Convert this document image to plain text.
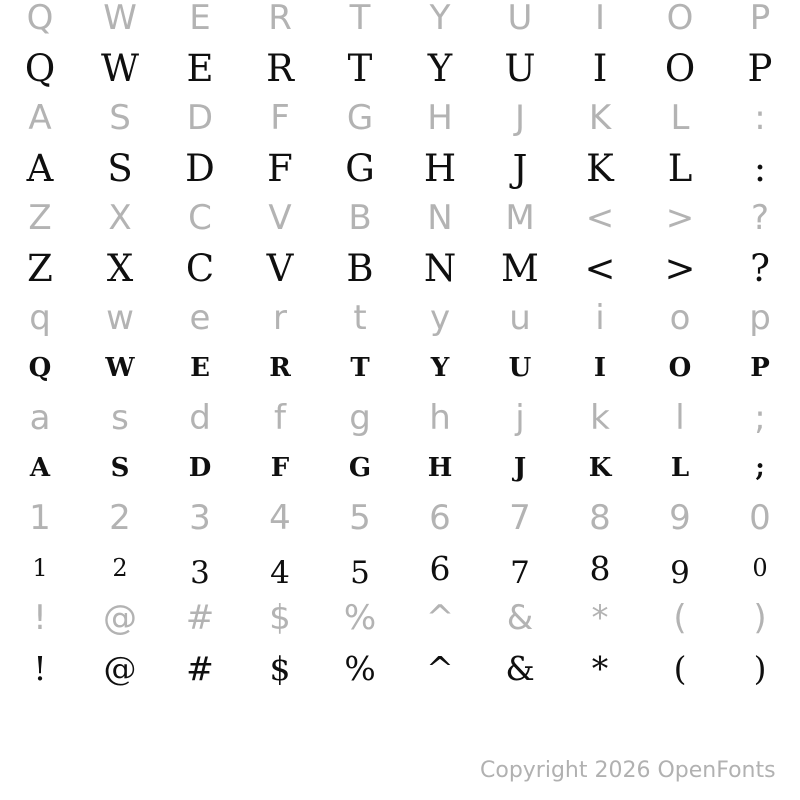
Q W E R T Y U I O P
Q W E R T Y U I O P
A S D F G H J K L :
A S D F G H J K L :
Z X C V B N M < > ?
Z X C V B N M < > ?
q w e r t y u i o p
Q W E R T Y U I O P
a s d f g h j k l ;
A S D F G H J K L	;
1 2 3 4 5 6 7 8 9 0
1	2 3 4 5 6 7 8 9	0
! @ # $ % ^ & * ( )
! @ # $ % ^ & * ( )
Copyright 2026 OpenFonts
